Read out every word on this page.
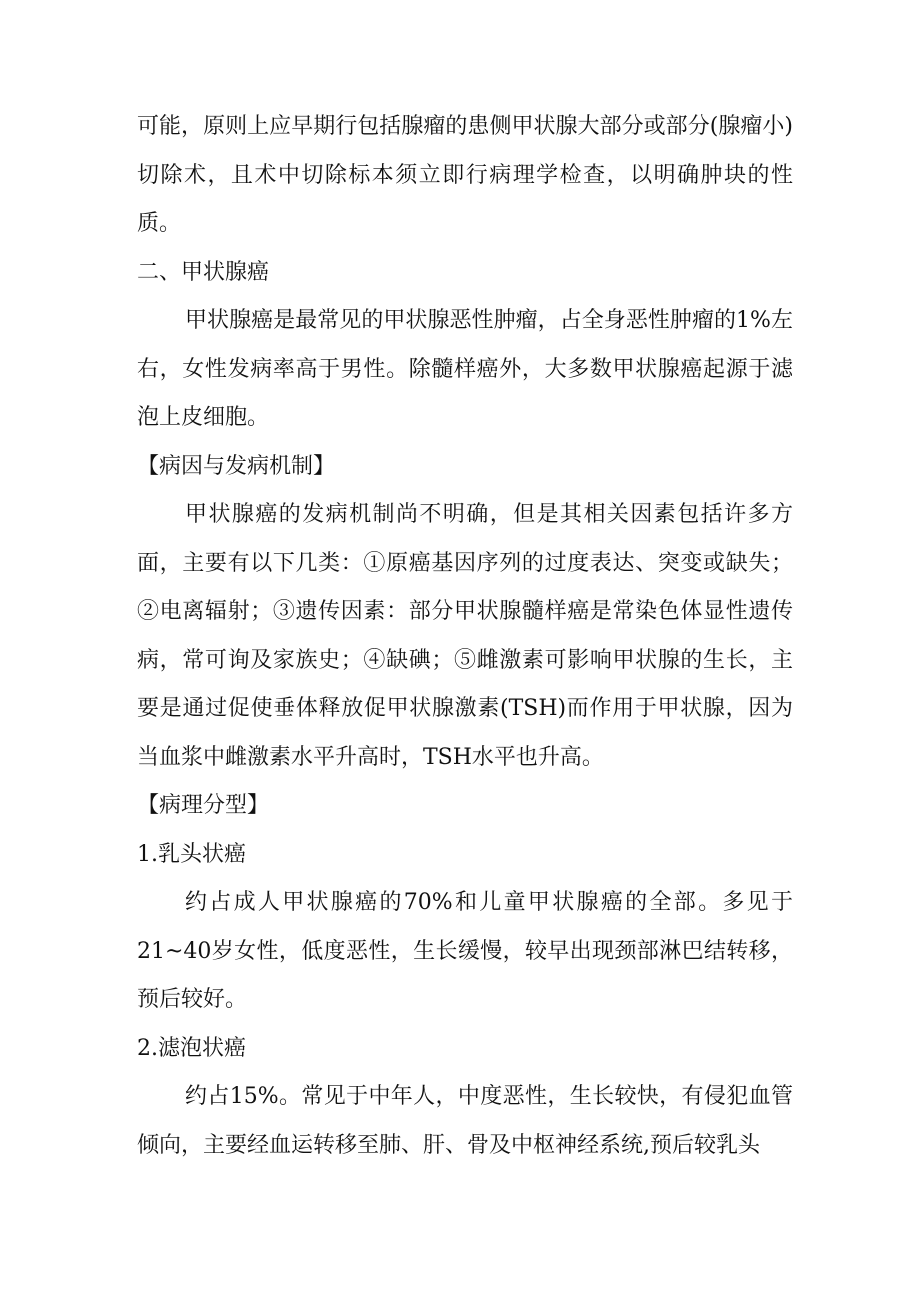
可能，原则上应早期行包括腺瘤的患侧甲状腺大部分或部分(腺瘤小)切除术，且术中切除标本须立即行病理学检查，以明确肿块的性质。

二、甲状腺癌

甲状腺癌是最常见的甲状腺恶性肿瘤，占全身恶性肿瘤的1%左右，女性发病率高于男性。除髓样癌外，大多数甲状腺癌起源于滤泡上皮细胞。

【病因与发病机制】

甲状腺癌的发病机制尚不明确，但是其相关因素包括许多方面，主要有以下几类：①原癌基因序列的过度表达、突变或缺失；②电离辐射；③遗传因素：部分甲状腺髓样癌是常染色体显性遗传病，常可询及家族史；④缺碘；⑤雌激素可影响甲状腺的生长，主要是通过促使垂体释放促甲状腺激素(TSH)而作用于甲状腺，因为当血浆中雌激素水平升高时，TSH水平也升高。

【病理分型】

1.乳头状癌

约占成人甲状腺癌的70%和儿童甲状腺癌的全部。多见于21~40岁女性，低度恶性，生长缓慢，较早出现颈部淋巴结转移，预后较好。

2.滤泡状癌

约占15%。常见于中年人，中度恶性，生长较快，有侵犯血管倾向，主要经血运转移至肺、肝、骨及中枢神经系统,预后较乳头
